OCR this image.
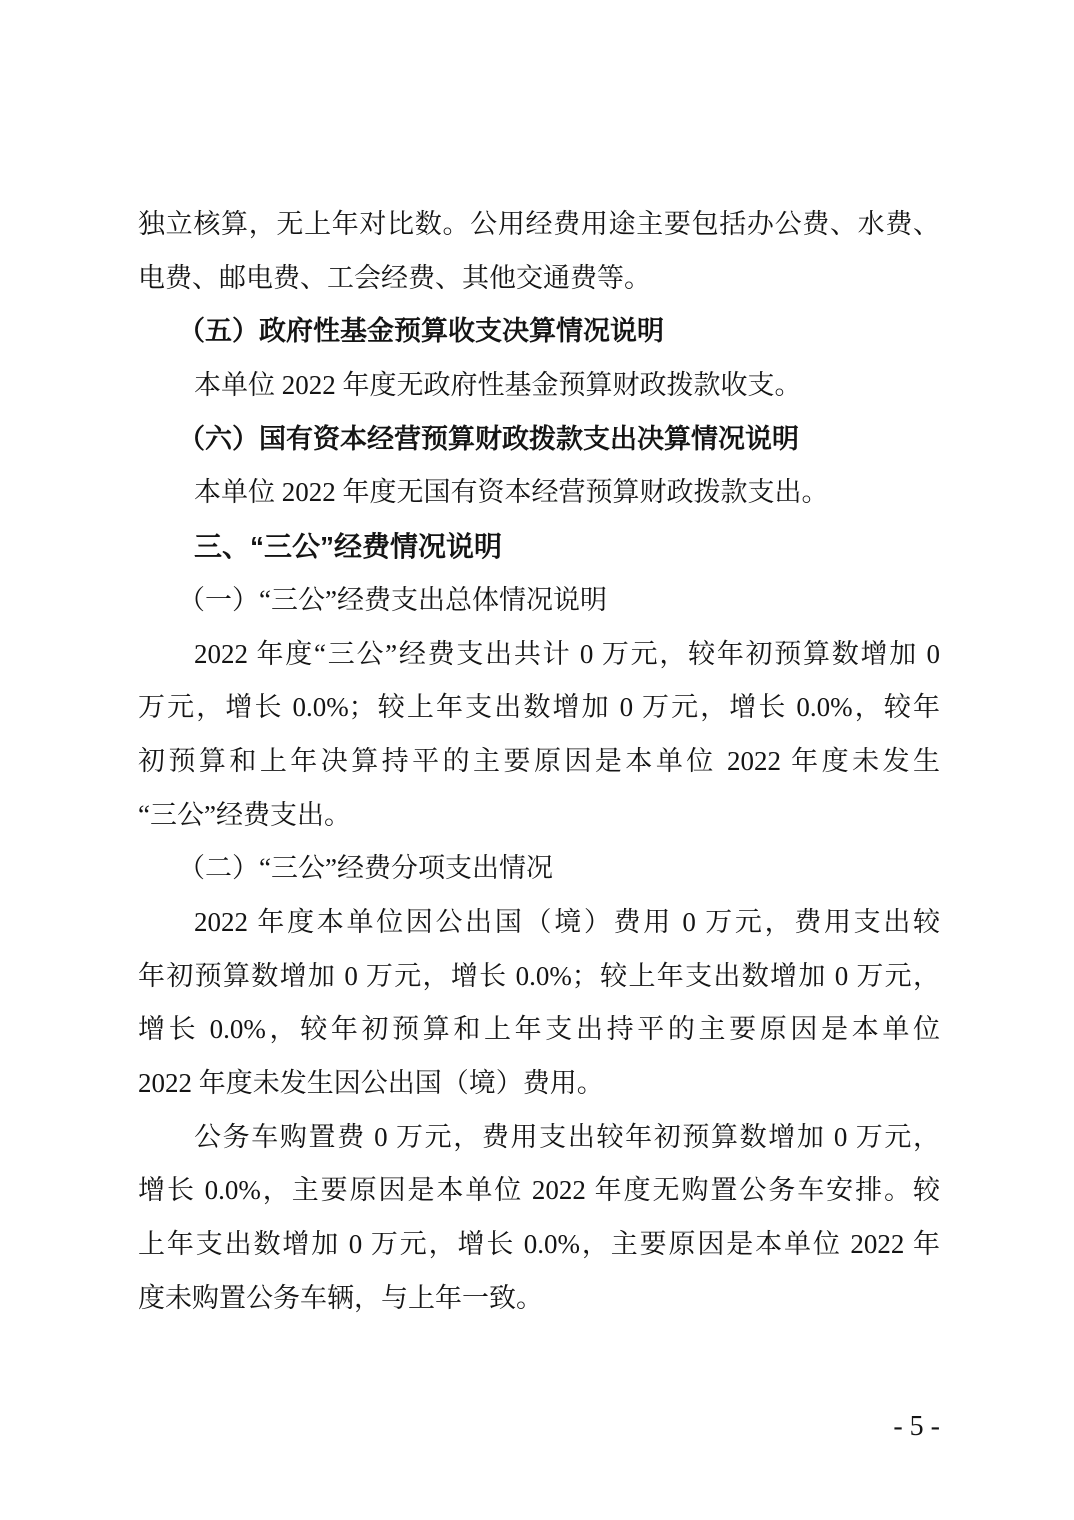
独立核算，无上年对比数。公用经费用途主要包括办公费、水费、
电费、邮电费、工会经费、其他交通费等。
（五）政府性基金预算收支决算情况说明
本单位 2022 年度无政府性基金预算财政拨款收支。
（六）国有资本经营预算财政拨款支出决算情况说明
本单位 2022 年度无国有资本经营预算财政拨款支出。
三、“三公”经费情况说明
（一）“三公”经费支出总体情况说明
2022 年度“三公”经费支出共计 0 万元，较年初预算数增加 0
万元，增长 0.0%；较上年支出数增加 0 万元，增长 0.0%，较年
初预算和上年决算持平的主要原因是本单位 2022 年度未发生
“三公”经费支出。
（二）“三公”经费分项支出情况
2022 年度本单位因公出国（境）费用 0 万元，费用支出较
年初预算数增加 0 万元，增长 0.0%；较上年支出数增加 0 万元，
增长 0.0%，较年初预算和上年支出持平的主要原因是本单位
2022 年度未发生因公出国（境）费用。
公务车购置费 0 万元，费用支出较年初预算数增加 0 万元，
增长 0.0%，主要原因是本单位 2022 年度无购置公务车安排。较
上年支出数增加 0 万元，增长 0.0%，主要原因是本单位 2022 年
度未购置公务车辆，与上年一致。
- 5 -
